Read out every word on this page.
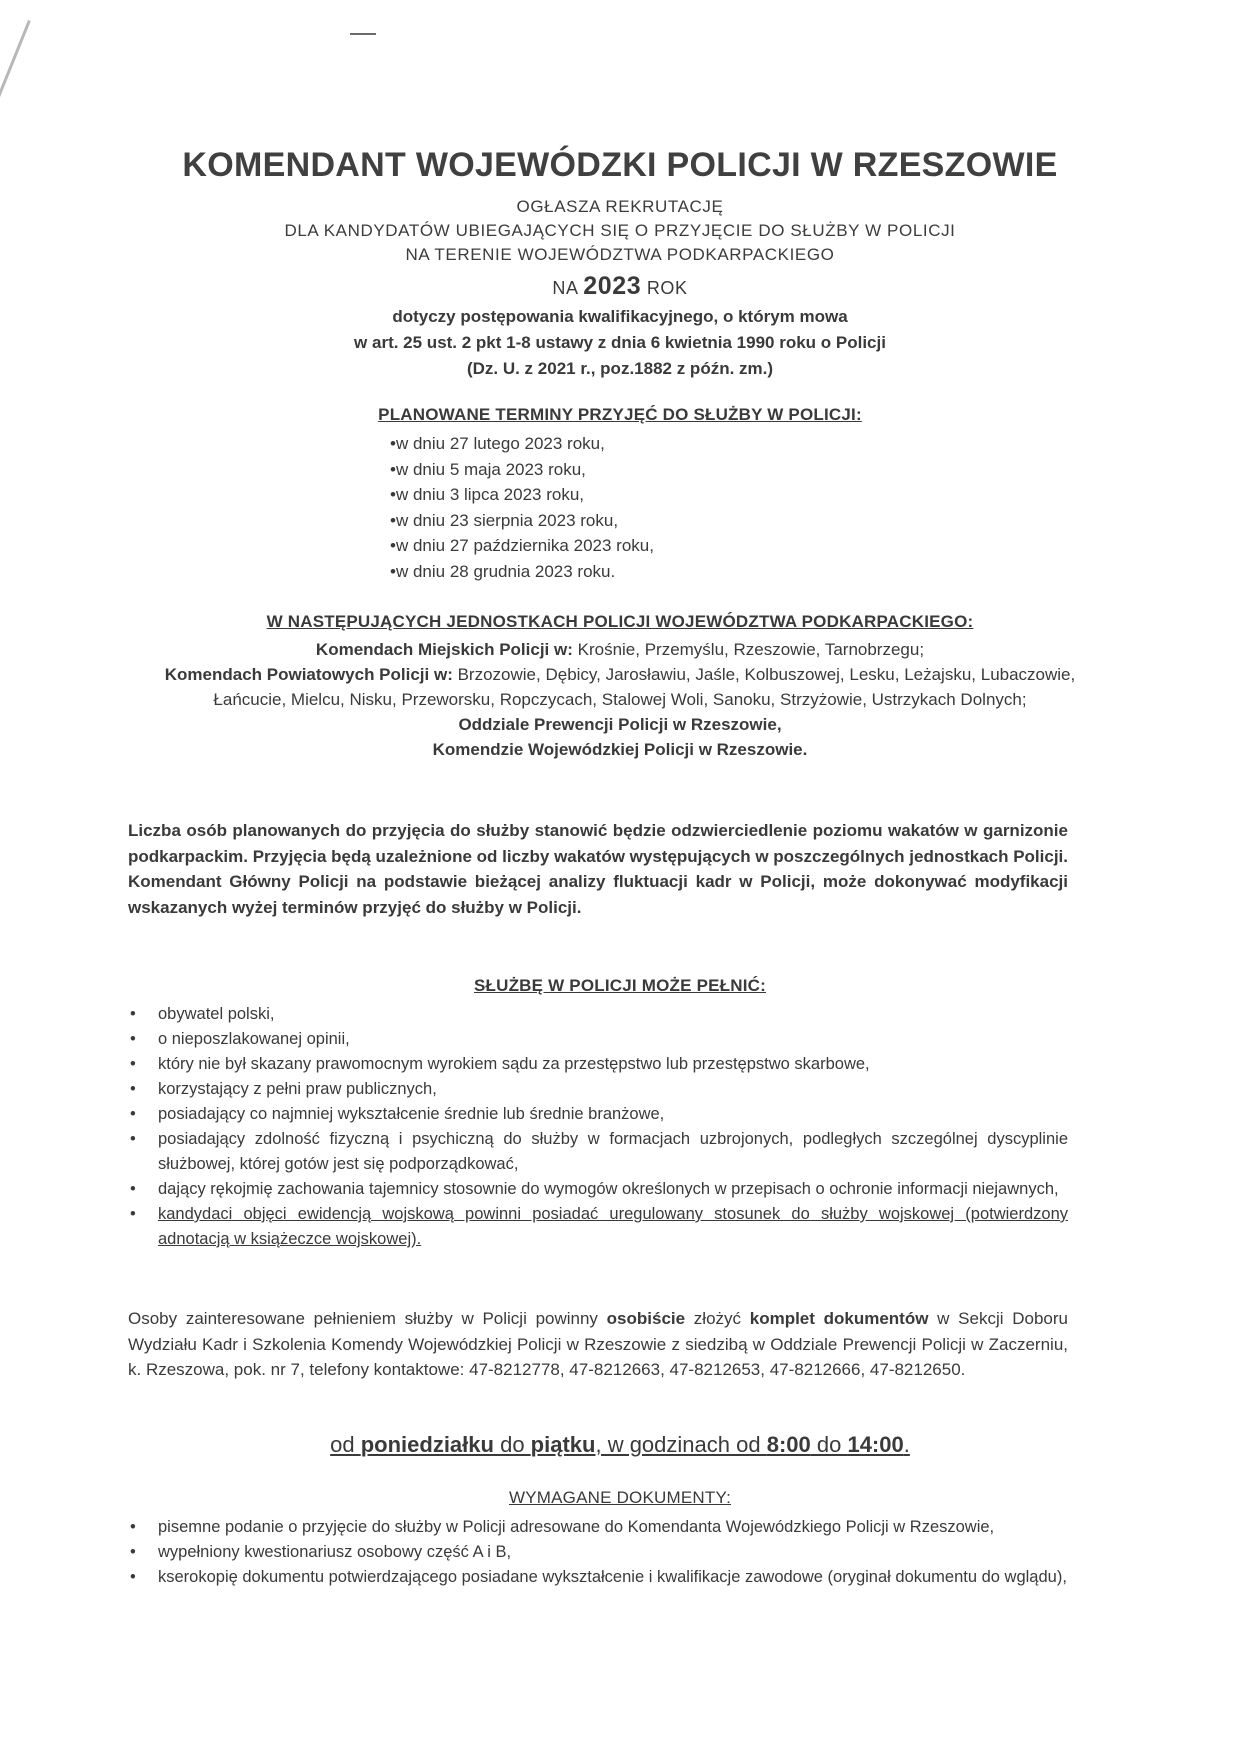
KOMENDANT WOJEWÓDZKI POLICJI W RZESZOWIE
OGŁASZA REKRUTACJĘ
DLA KANDYDATÓW UBIEGAJĄCYCH SIĘ O PRZYJĘCIE DO SŁUŻBY W POLICJI
NA TERENIE WOJEWÓDZTWA PODKARPACKIEGO
NA 2023 ROK
dotyczy postępowania kwalifikacyjnego, o którym mowa
w art. 25 ust. 2 pkt 1-8 ustawy z dnia 6 kwietnia 1990 roku o Policji
(Dz. U. z 2021 r., poz.1882 z późn. zm.)
PLANOWANE TERMINY PRZYJĘĆ DO SŁUŻBY W POLICJI:
• w dniu 27 lutego 2023 roku,
• w dniu 5 maja 2023 roku,
• w dniu 3 lipca 2023 roku,
• w dniu 23 sierpnia 2023 roku,
• w dniu 27 października 2023 roku,
• w dniu 28 grudnia 2023 roku.
W NASTĘPUJĄCYCH JEDNOSTKACH POLICJI WOJEWÓDZTWA PODKARPACKIEGO:
Komendach Miejskich Policji w: Krośnie, Przemyślu, Rzeszowie, Tarnobrzegu;
Komendach Powiatowych Policji w: Brzozowie, Dębicy, Jarosławiu, Jaśle, Kolbuszowej, Lesku, Leżajsku, Lubaczowie, Łańcucie, Mielcu, Nisku, Przeworsku, Ropczycach, Stalowej Woli, Sanoku, Strzyżowie, Ustrzykach Dolnych;
Oddziale Prewencji Policji w Rzeszowie,
Komendzie Wojewódzkiej Policji w Rzeszowie.
Liczba osób planowanych do przyjęcia do służby stanowić będzie odzwierciedlenie poziomu wakatów w garnizonie podkarpackim. Przyjęcia będą uzależnione od liczby wakatów występujących w poszczególnych jednostkach Policji. Komendant Główny Policji na podstawie bieżącej analizy fluktuacji kadr w Policji, może dokonywać modyfikacji wskazanych wyżej terminów przyjęć do służby w Policji.
SŁUŻBĘ W POLICJI MOŻE PEŁNIĆ:
• obywatel polski,
• o nieposzlakowanej opinii,
• który nie był skazany prawomocnym wyrokiem sądu za przestępstwo lub przestępstwo skarbowe,
• korzystający z pełni praw publicznych,
• posiadający co najmniej wykształcenie średnie lub średnie branżowe,
• posiadający zdolność fizyczną i psychiczną do służby w formacjach uzbrojonych, podległych szczególnej dyscyplinie służbowej, której gotów jest się podporządkować,
• dający rękojmię zachowania tajemnicy stosownie do wymogów określonych w przepisach o ochronie informacji niejawnych,
• kandydaci objęci ewidencją wojskową powinni posiadać uregulowany stosunek do służby wojskowej (potwierdzony adnotacją w książeczce wojskowej).
Osoby zainteresowane pełnieniem służby w Policji powinny osobiście złożyć komplet dokumentów w Sekcji Doboru Wydziału Kadr i Szkolenia Komendy Wojewódzkiej Policji w Rzeszowie z siedzibą w Oddziale Prewencji Policji w Zaczerniu, k. Rzeszowa, pok. nr 7, telefony kontaktowe: 47-8212778, 47-8212663, 47-8212653, 47-8212666, 47-8212650.
od poniedziałku do piątku, w godzinach od 8:00 do 14:00.
WYMAGANE DOKUMENTY:
• pisemne podanie o przyjęcie do służby w Policji adresowane do Komendanta Wojewódzkiego Policji w Rzeszowie,
• wypełniony kwestionariusz osobowy część A i B,
• kserokopię dokumentu potwierdzającego posiadane wykształcenie i kwalifikacje zawodowe (oryginał dokumentu do wglądu),
